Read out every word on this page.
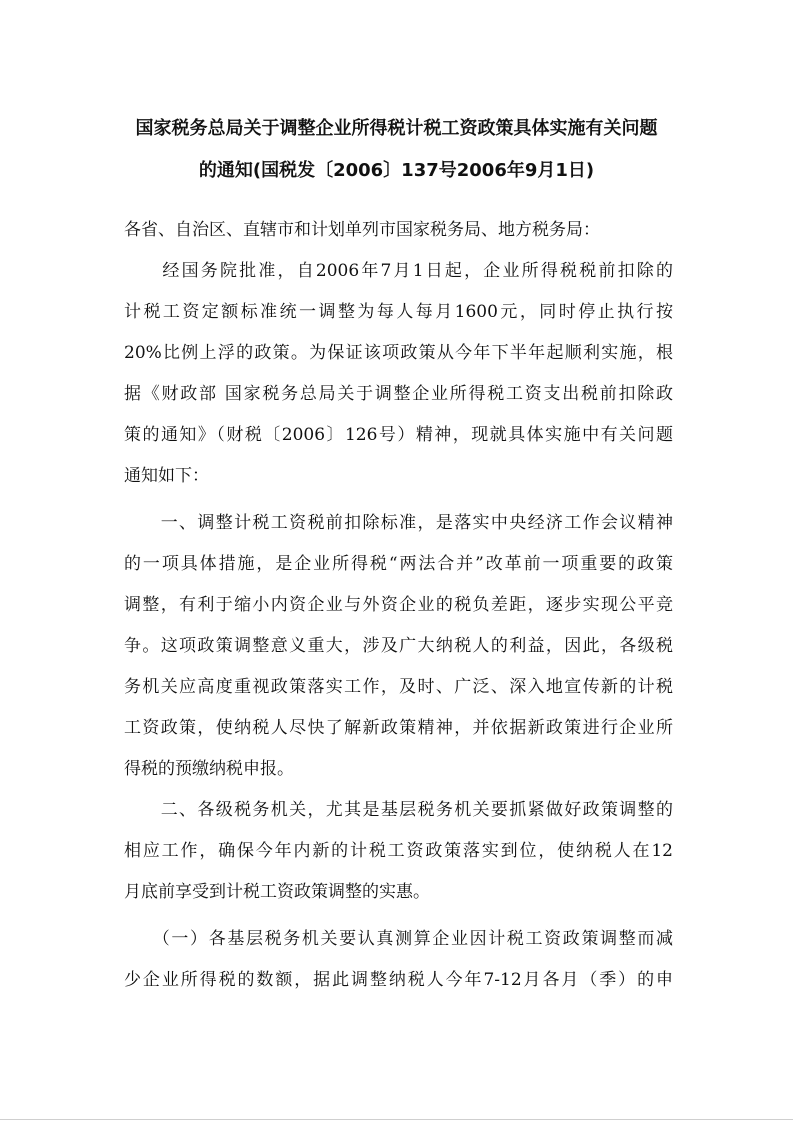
国家税务总局关于调整企业所得税计税工资政策具体实施有关问题
的通知(国税发〔2006〕137号2006年9月1日)
各省、自治区、直辖市和计划单列市国家税务局、地方税务局：
　　经国务院批准，自2006年7月1日起，企业所得税税前扣除的
计税工资定额标准统一调整为每人每月1600元，同时停止执行按
20%比例上浮的政策。为保证该项政策从今年下半年起顺利实施，根
据《财政部 国家税务总局关于调整企业所得税工资支出税前扣除政
策的通知》（财税〔2006〕126号）精神，现就具体实施中有关问题
通知如下：
　　一、调整计税工资税前扣除标准，是落实中央经济工作会议精神
的一项具体措施，是企业所得税“两法合并”改革前一项重要的政策
调整，有利于缩小内资企业与外资企业的税负差距，逐步实现公平竞
争。这项政策调整意义重大，涉及广大纳税人的利益，因此，各级税
务机关应高度重视政策落实工作，及时、广泛、深入地宣传新的计税
工资政策，使纳税人尽快了解新政策精神，并依据新政策进行企业所
得税的预缴纳税申报。
　　二、各级税务机关，尤其是基层税务机关要抓紧做好政策调整的
相应工作，确保今年内新的计税工资政策落实到位，使纳税人在12
月底前享受到计税工资政策调整的实惠。
　　（一）各基层税务机关要认真测算企业因计税工资政策调整而减
少企业所得税的数额，据此调整纳税人今年7-12月各月（季）的申
